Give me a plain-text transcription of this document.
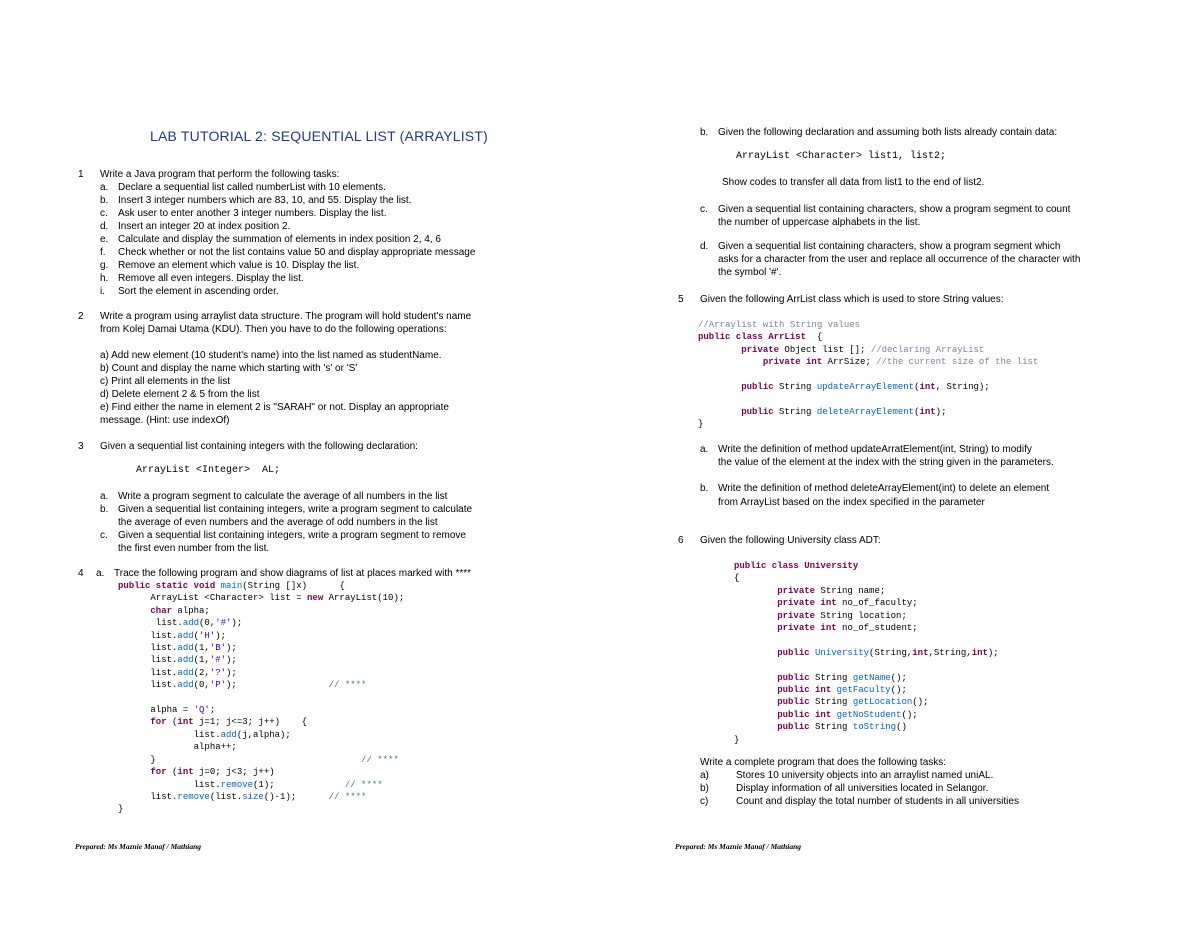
LAB TUTORIAL 2: SEQUENTIAL LIST (ARRAYLIST)
1 Write a Java program that perform the following tasks:
a. Declare a sequential list called numberList with 10 elements.
b. Insert 3 integer numbers which are 83, 10, and 55. Display the list.
c. Ask user to enter another 3 integer numbers. Display the list.
d. Insert an integer 20 at index position 2.
e. Calculate and display the summation of elements in index position 2, 4, 6
f. Check whether or not the list contains value 50 and display appropriate message
g. Remove an element which value is 10. Display the list.
h. Remove all even integers. Display the list.
i. Sort the element in ascending order.
2 Write a program using arraylist data structure. The program will hold student's name
from Kolej Damai Utama (KDU). Then you have to do the following operations:
a) Add new element (10 student's name) into the list named as studentName.
b) Count and display the name which starting with 's' or 'S'
c) Print all elements in the list
d) Delete element 2 & 5 from the list
e) Find either the name in element 2 is "SARAH" or not. Display an appropriate
message. (Hint: use indexOf)
3 Given a sequential list containing integers with the following declaration:
ArrayList <Integer>  AL;
a. Write a program segment to calculate the average of all numbers in the list
b. Given a sequential list containing integers, write a program segment to calculate
the average of even numbers and the average of odd numbers in the list
c. Given a sequential list containing integers, write a program segment to remove
the first even number from the list.
4 a. Trace the following program and show diagrams of list at places marked with ****
public static void main(String []x)      {
ArrayList <Character> list = new ArrayList(10);
char alpha;
list.add(0,'#');
list.add('H');
list.add(1,'B');
list.add(1,'#');
list.add(2,'?');
list.add(0,'P');                 // ****

alpha = 'Q';
for (int j=1; j<=3; j++)    {
list.add(j,alpha);
alpha++;
}	// ****
for (int j=0; j<3; j++)
list.remove(1);             // ****
list.remove(list.size()-1);      // ****
}
Prepared: Ms Maznie Manaf / Mathiang
b. Given the following declaration and assuming both lists already contain data:
ArrayList <Character> list1, list2;
Show codes to transfer all data from list1 to the end of list2.
c. Given a sequential list containing characters, show a program segment to count
the number of uppercase alphabets in the list.
d. Given a sequential list containing characters, show a program segment which
asks for a character from the user and replace all occurrence of the character with
the symbol '#'.
5 Given the following ArrList class which is used to store String values:
//Arraylist with String values
public class ArrList  {
private Object list []; //declaring ArrayList
private int ArrSize; //the current size of the list

public String updateArrayElement(int, String);

public String deleteArrayElement(int);
}
a. Write the definition of method updateArratElement(int, String) to modify
the value of the element at the index with the string given in the parameters.
b. Write the definition of method deleteArrayElement(int) to delete an element
from ArrayList based on the index specified in the parameter
6 Given the following University class ADT:
public class University
{
private String name;
private int no_of_faculty;
private String location;
private int no_of_student;

public University(String,int,String,int);

public String getName();
public int getFaculty();
public String getLocation();
public int getNoStudent();
public String toString()
}
Write a complete program that does the following tasks:
a)	Stores 10 university objects into an arraylist named uniAL.
b)	Display information of all universities located in Selangor.
c)	Count and display the total number of students in all universities
Prepared: Ms Maznie Manaf / Mathiang
